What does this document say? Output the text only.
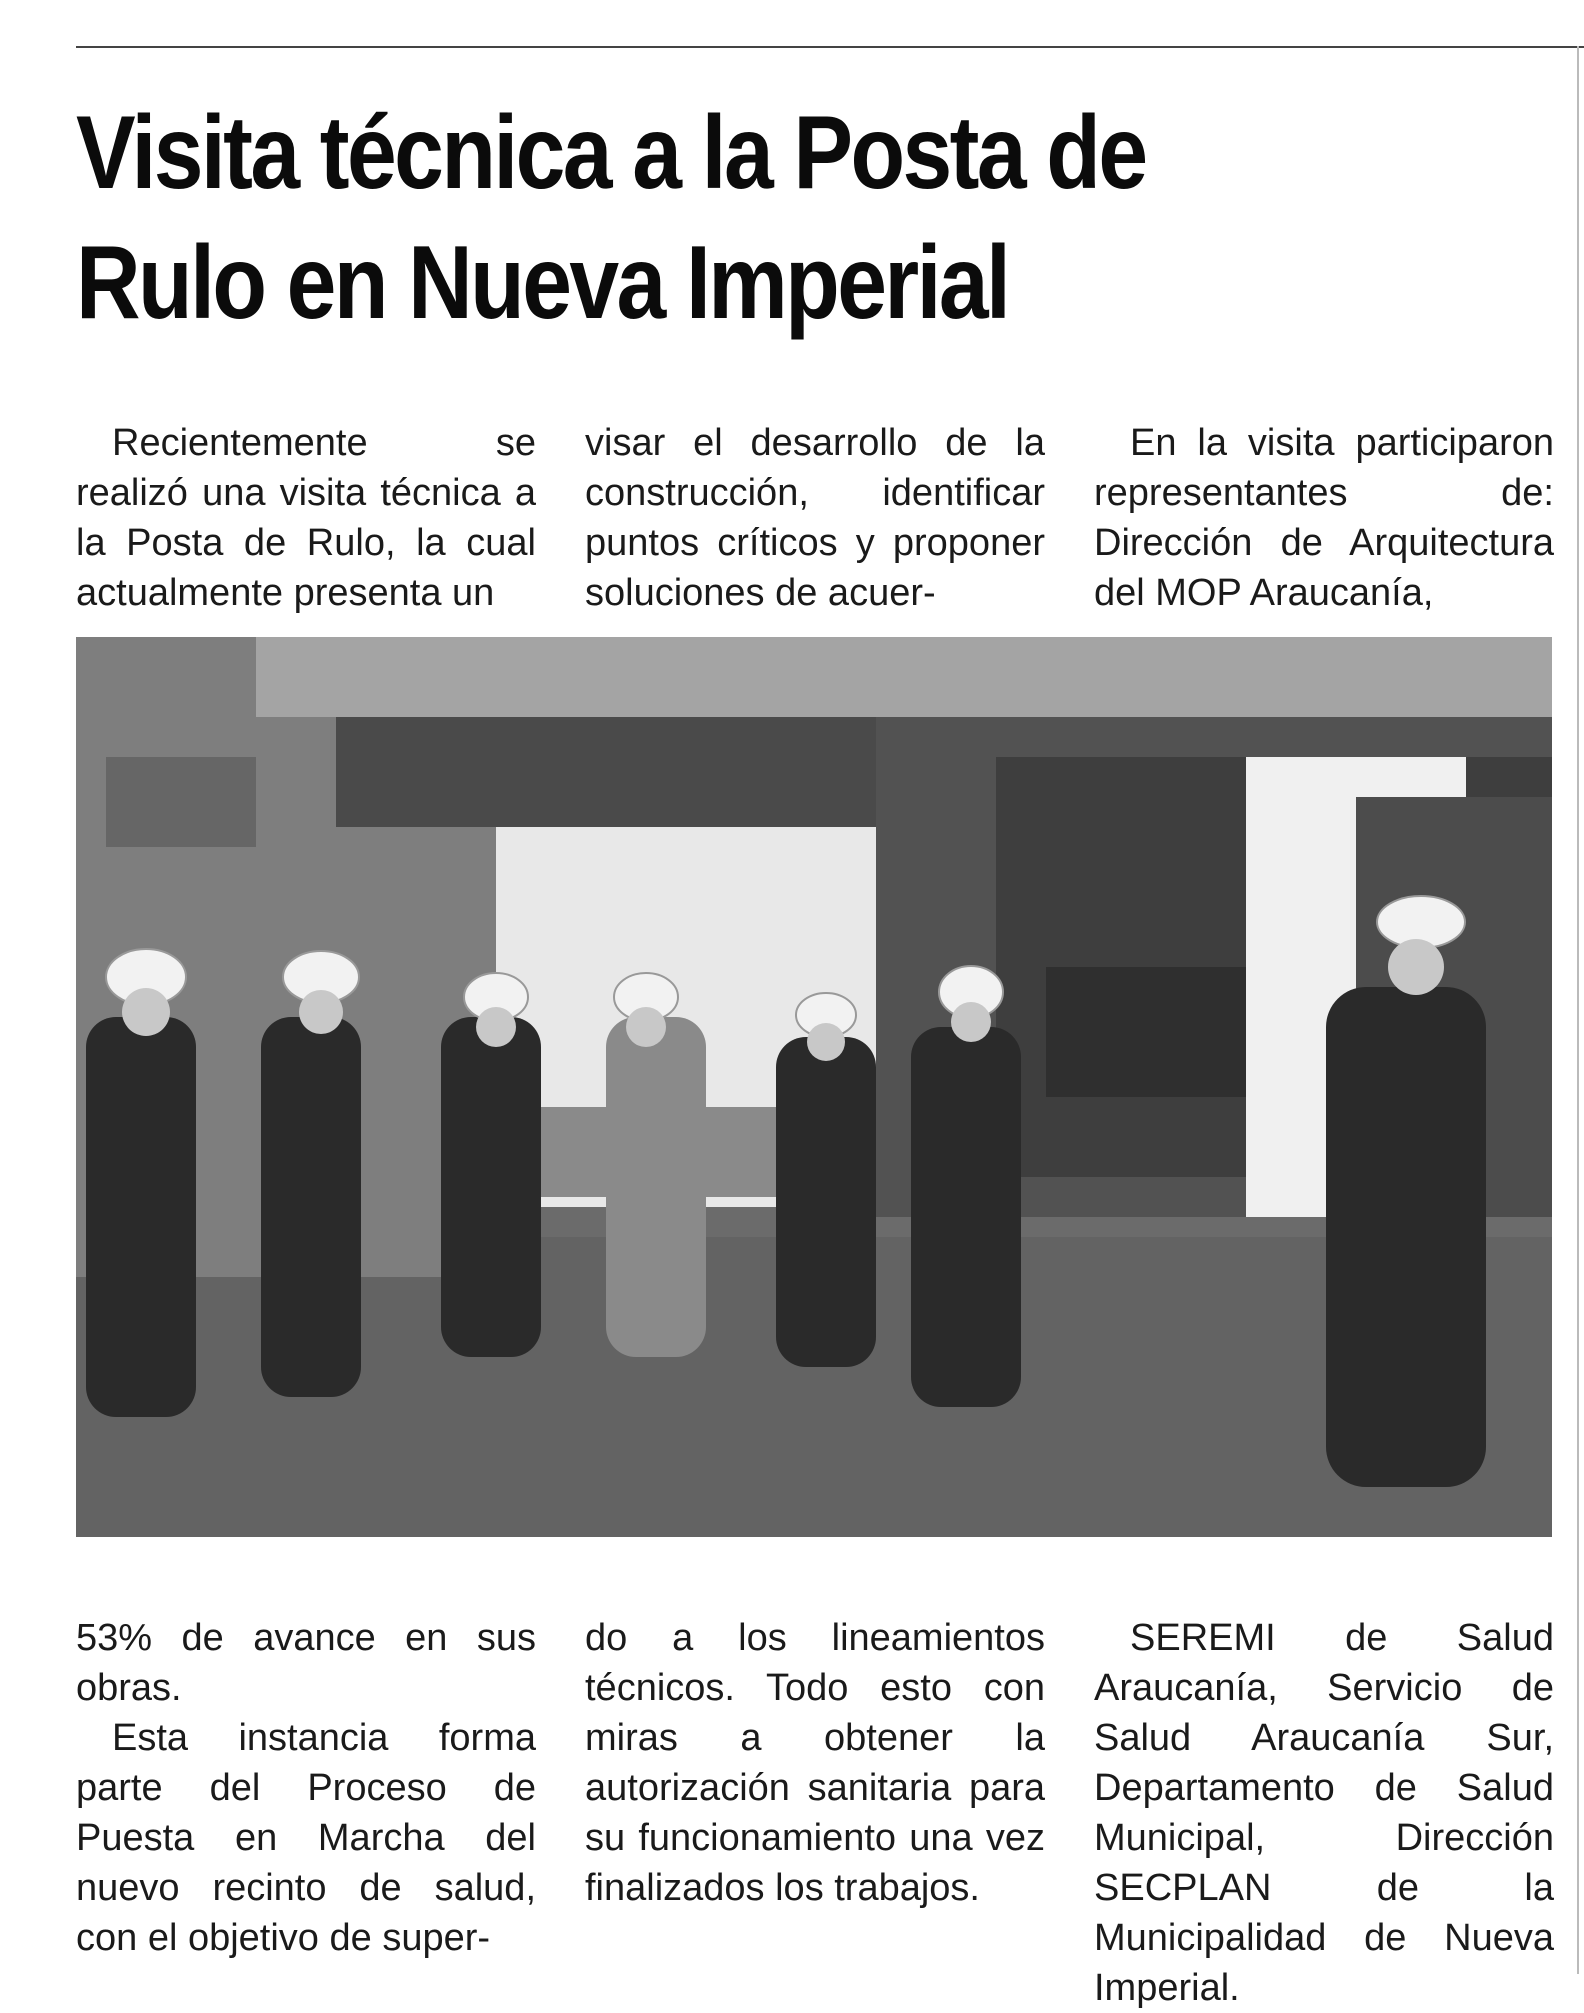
Visita técnica a la Posta de Rulo en Nueva Imperial

Recientemente se realizó una visita técnica a la Posta de Rulo, la cual actualmente presenta un

visar el desarrollo de la construcción, identificar puntos críticos y proponer soluciones de acuer-

En la visita participaron representantes de: Dirección de Arquitectura del MOP Araucanía,

53% de avance en sus obras.

Esta instancia forma parte del Proceso de Puesta en Marcha del nuevo recinto de salud, con el objetivo de super-

do a los lineamientos técnicos. Todo esto con miras a obtener la autorización sanitaria para su funcionamiento una vez finalizados los trabajos.

SEREMI de Salud Araucanía, Servicio de Salud Araucanía Sur, Departamento de Salud Municipal, Dirección SECPLAN de la Municipalidad de Nueva Imperial.
